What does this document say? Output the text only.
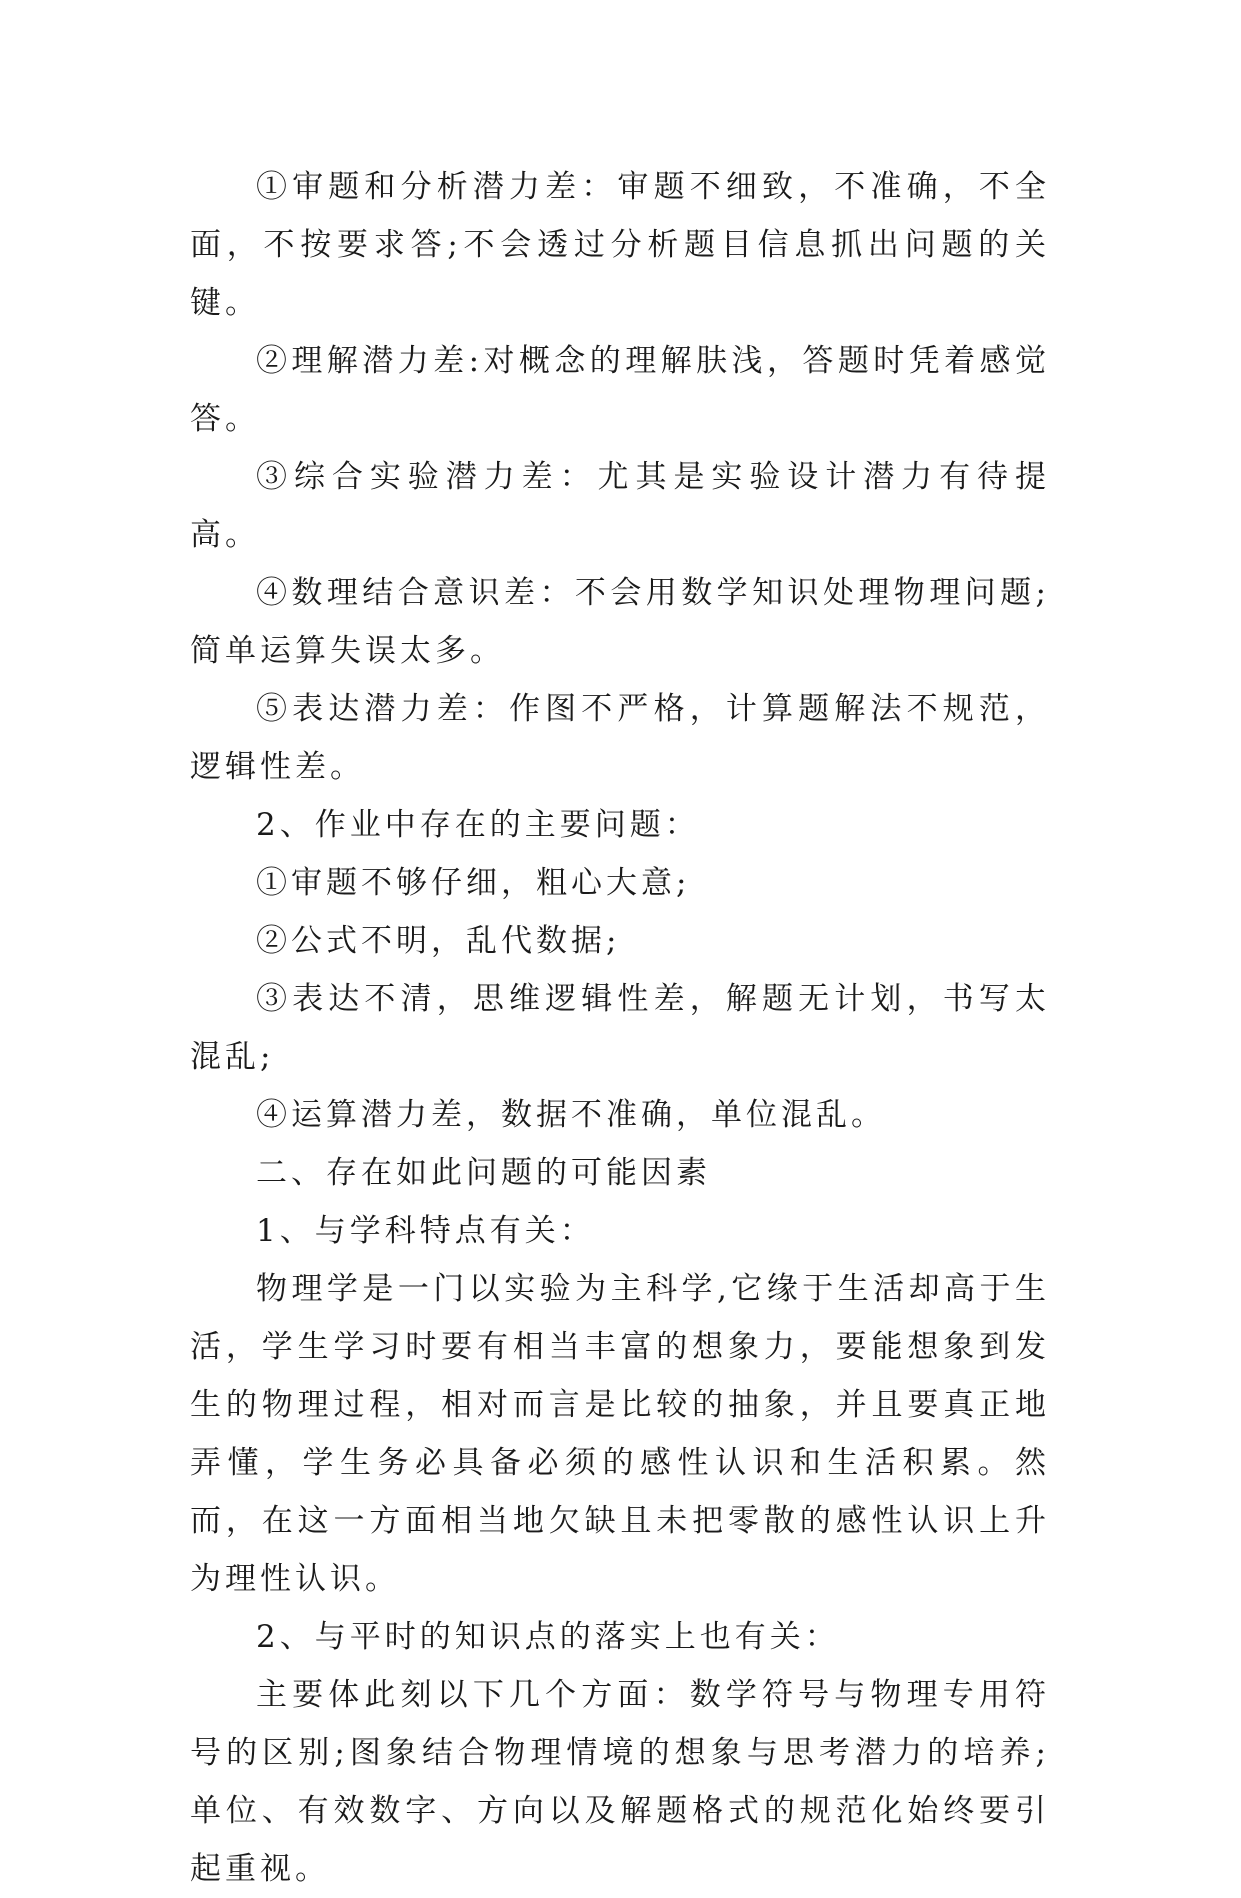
①审题和分析潜力差：审题不细致，不准确，不全面，不按要求答;不会透过分析题目信息抓出问题的关键。

②理解潜力差:对概念的理解肤浅，答题时凭着感觉答。

③综合实验潜力差：尤其是实验设计潜力有待提高。

④数理结合意识差：不会用数学知识处理物理问题;简单运算失误太多。

⑤表达潜力差：作图不严格，计算题解法不规范，逻辑性差。

2、作业中存在的主要问题：

①审题不够仔细，粗心大意;

②公式不明，乱代数据;

③表达不清，思维逻辑性差，解题无计划，书写太混乱;

④运算潜力差，数据不准确，单位混乱。

二、存在如此问题的可能因素

1、与学科特点有关：

物理学是一门以实验为主科学,它缘于生活却高于生活，学生学习时要有相当丰富的想象力，要能想象到发生的物理过程，相对而言是比较的抽象，并且要真正地弄懂，学生务必具备必须的感性认识和生活积累。然而，在这一方面相当地欠缺且未把零散的感性认识上升为理性认识。

2、与平时的知识点的落实上也有关：

主要体此刻以下几个方面：数学符号与物理专用符号的区别;图象结合物理情境的想象与思考潜力的培养;单位、有效数字、方向以及解题格式的规范化始终要引起重视。
